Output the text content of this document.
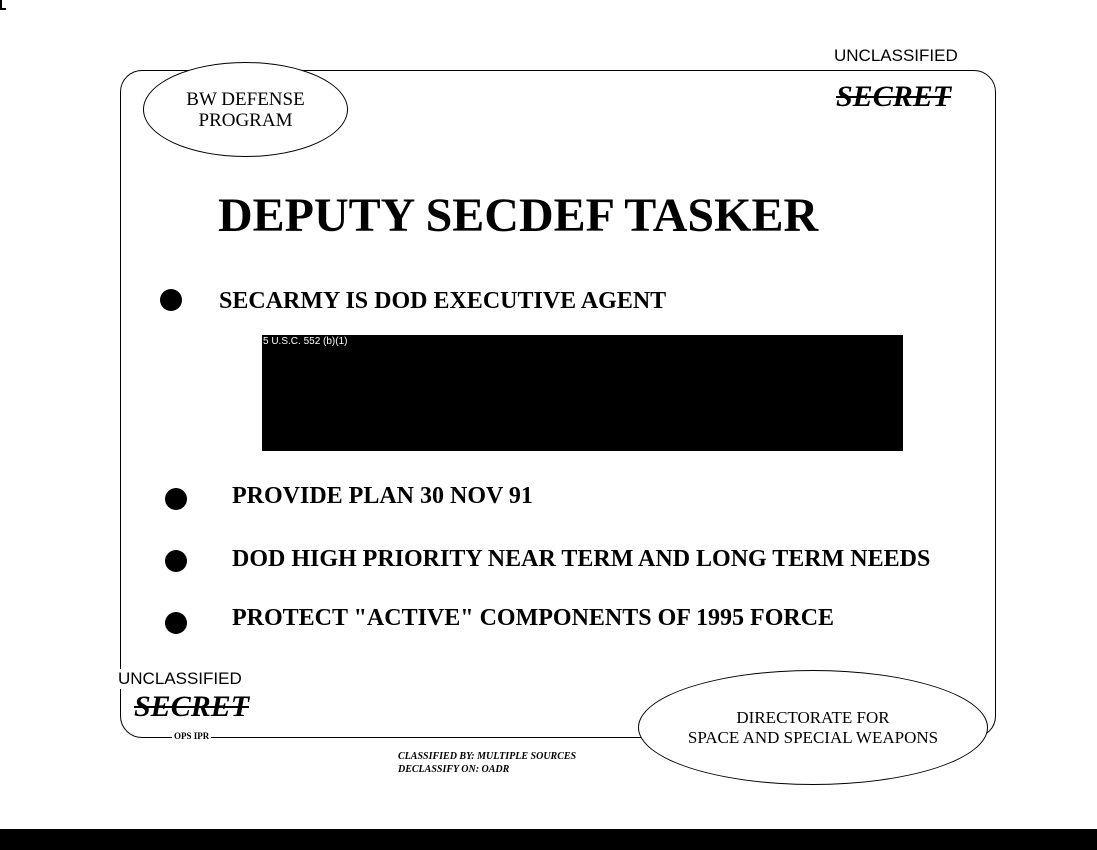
UNCLASSIFIED
SECRET
BW DEFENSE
PROGRAM
DEPUTY SECDEF TASKER
SECARMY IS DOD EXECUTIVE AGENT
5 U.S.C. 552 (b)(1)
PROVIDE PLAN 30 NOV 91
DOD HIGH PRIORITY NEAR TERM AND LONG TERM NEEDS
PROTECT "ACTIVE" COMPONENTS OF 1995 FORCE
UNCLASSIFIED
SECRET
OPS IPR
DIRECTORATE FOR
SPACE AND SPECIAL WEAPONS
CLASSIFIED BY: MULTIPLE SOURCES
DECLASSIFY ON: OADR
